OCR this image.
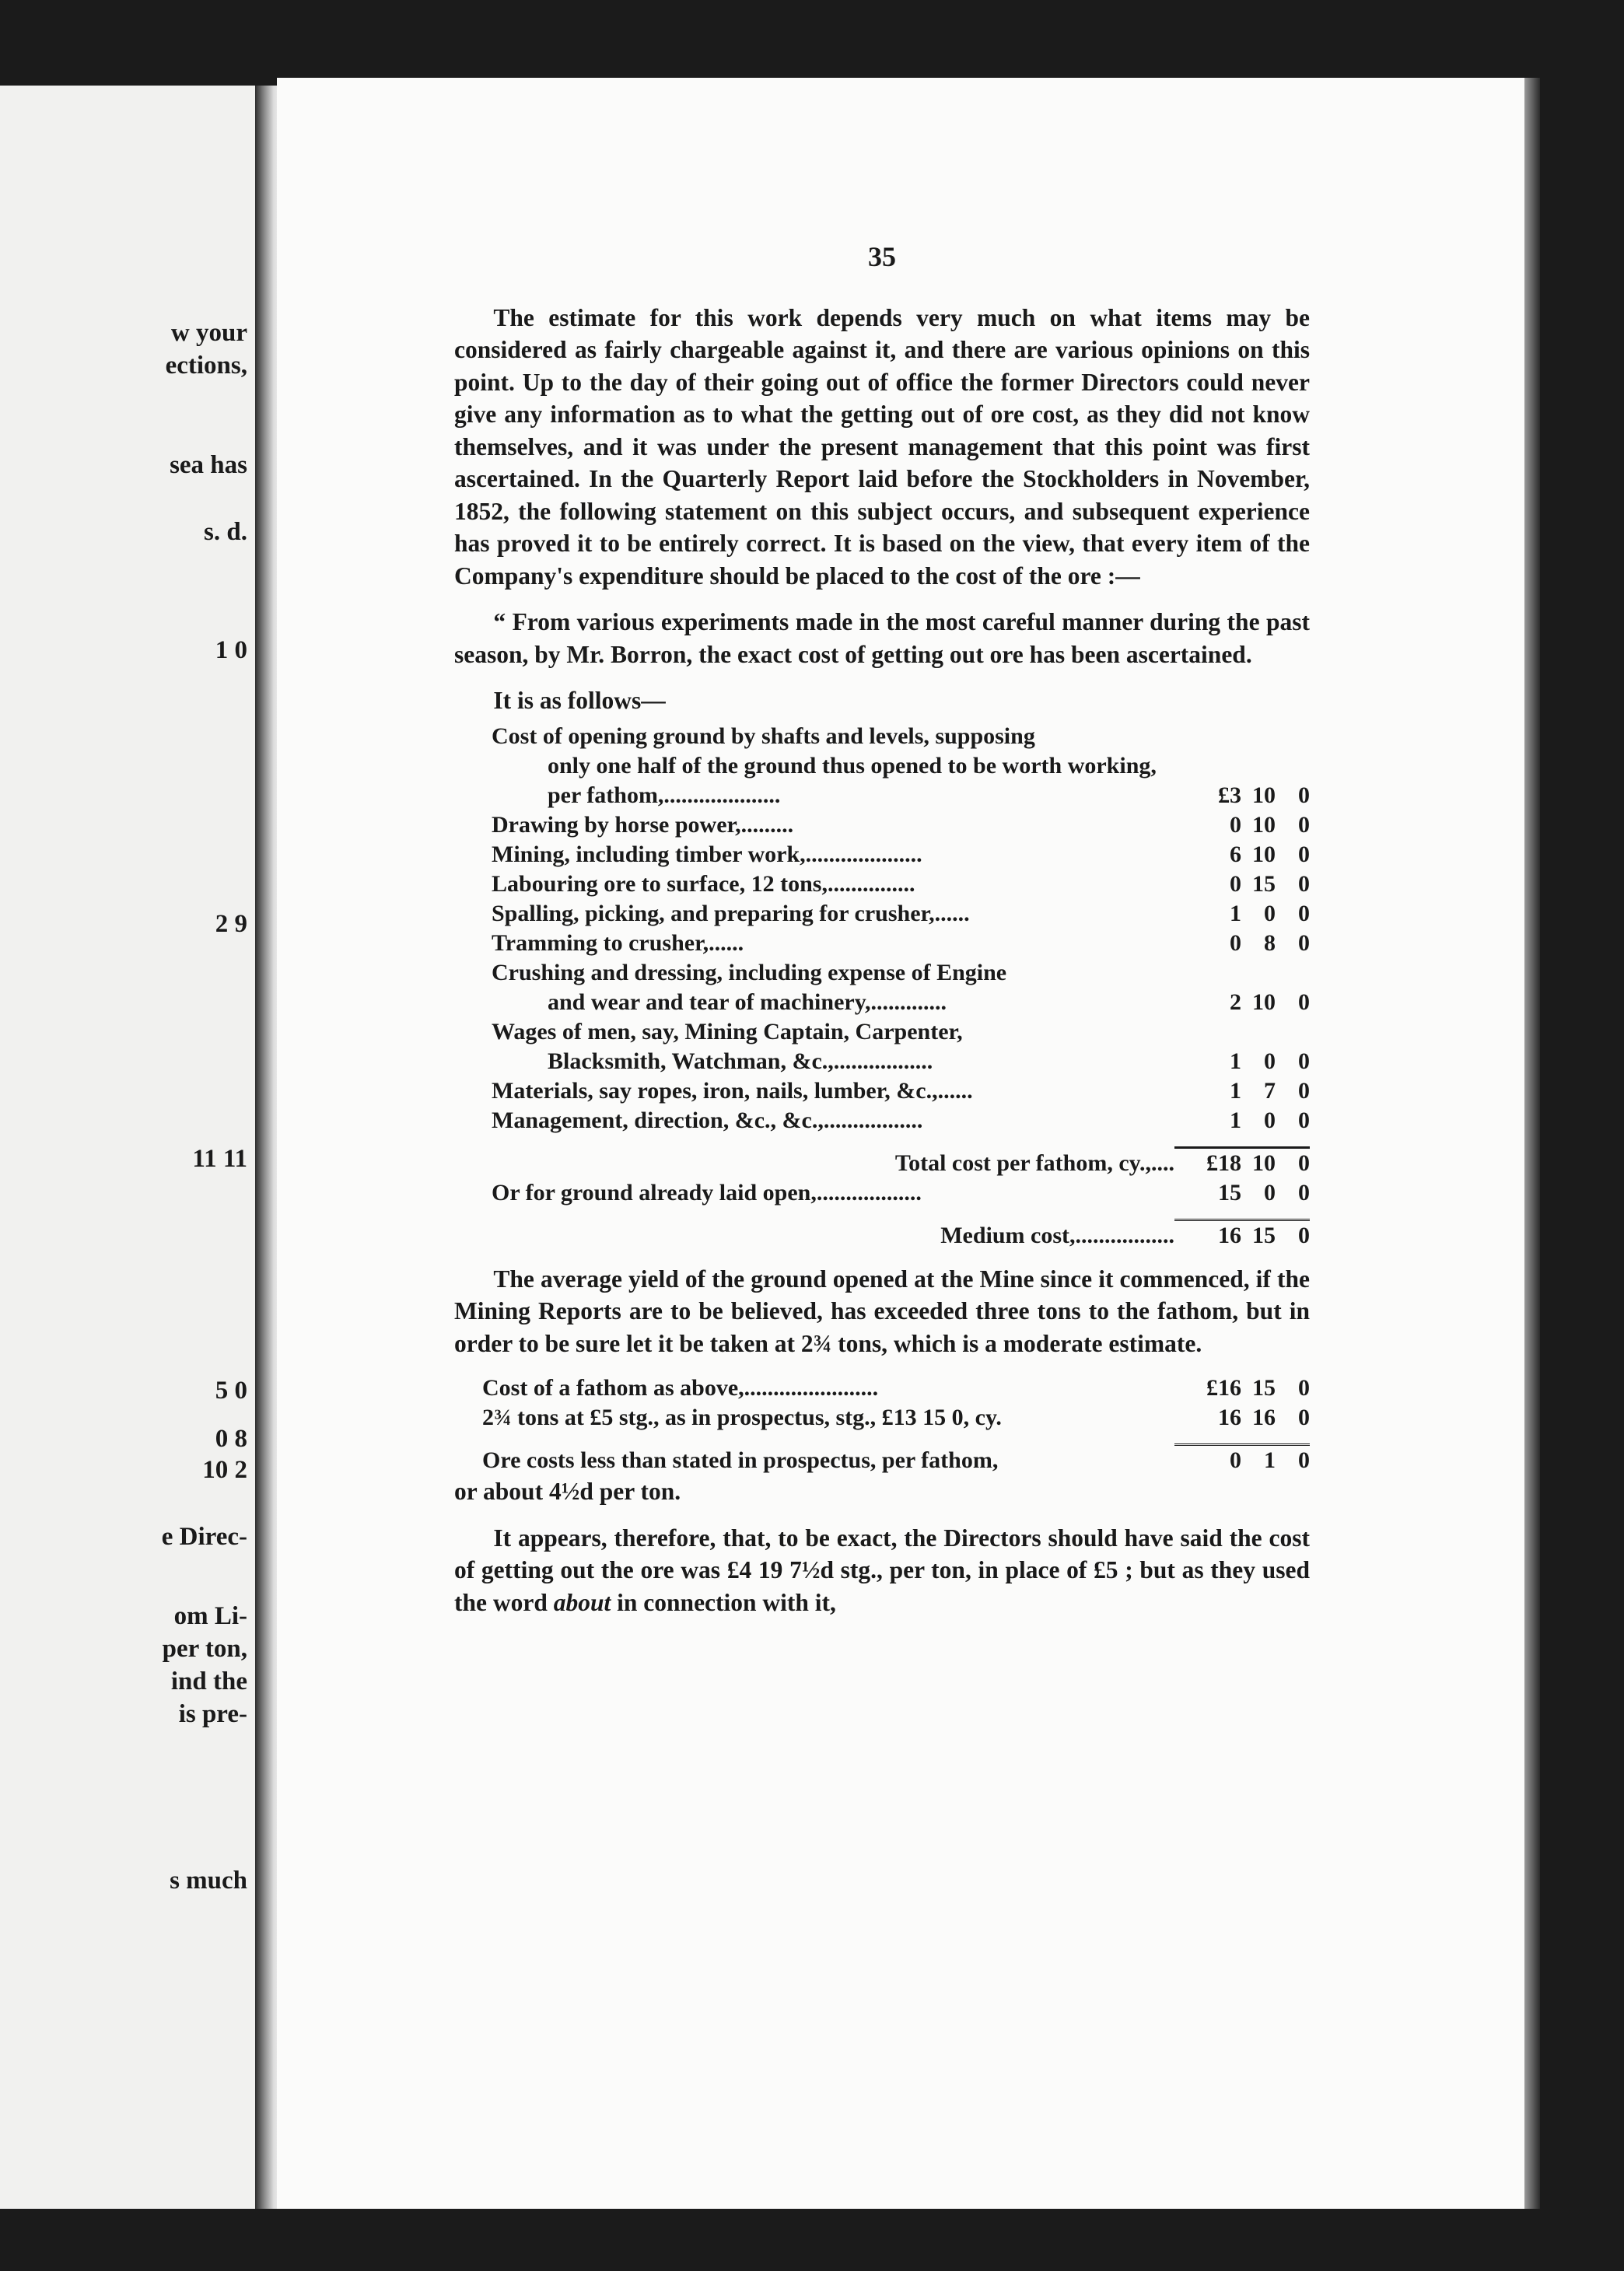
w your
ections,
sea has
s. d.
1 0
2 9
11 11
5 0
0 8
10 2
e Direc-
om Li-
per ton,
ind the
is pre-
s much
35

The estimate for this work depends very much on what items may be considered as fairly chargeable against it, and there are various opinions on this point. Up to the day of their going out of office the former Directors could never give any information as to what the getting out of ore cost, as they did not know themselves, and it was under the present management that this point was first ascertained. In the Quarterly Report laid before the Stockholders in November, 1852, the following statement on this subject occurs, and subsequent experience has proved it to be entirely correct. It is based on the view, that every item of the Company's expenditure should be placed to the cost of the ore :—

“ From various experiments made in the most careful manner during the past season, by Mr. Borron, the exact cost of getting out ore has been ascertained.

It is as follows—

Cost of opening ground by shafts and levels, supposing
only one half of the ground thus opened to be worth working, per fathom,....................	£3	10	0
Drawing by horse power,.........	0	10	0
Mining, including timber work,....................	6	10	0
Labouring ore to surface, 12 tons,...............	0	15	0
Spalling, picking, and preparing for crusher,......	1	0	0
Tramming to crusher,......	0	8	0
Crushing and dressing, including expense of Engine
and wear and tear of machinery,.............	2	10	0
Wages of men, say, Mining Captain, Carpenter,
Blacksmith, Watchman, &c.,.................	1	0	0
Materials, say ropes, iron, nails, lumber, &c.,......	1	7	0
Management, direction, &c., &c.,.................	1	0	0

Total cost per fathom, cy.,....	£18	10	0
Or for ground already laid open,..................	15	0	0

Medium cost,.................	16	15	0

The average yield of the ground opened at the Mine since it commenced, if the Mining Reports are to be believed, has exceeded three tons to the fathom, but in order to be sure let it be taken at 2¾ tons, which is a moderate estimate.

Cost of a fathom as above,.......................	£16	15	0
2¾ tons at £5 stg., as in prospectus, stg., £13 15 0, cy.	16	16	0

Ore costs less than stated in prospectus, per fathom,	0	1	0
or about 4½d per ton.

It appears, therefore, that, to be exact, the Directors should have said the cost of getting out the ore was £4 19 7½d stg., per ton, in place of £5 ; but as they used the word about in connection with it,
